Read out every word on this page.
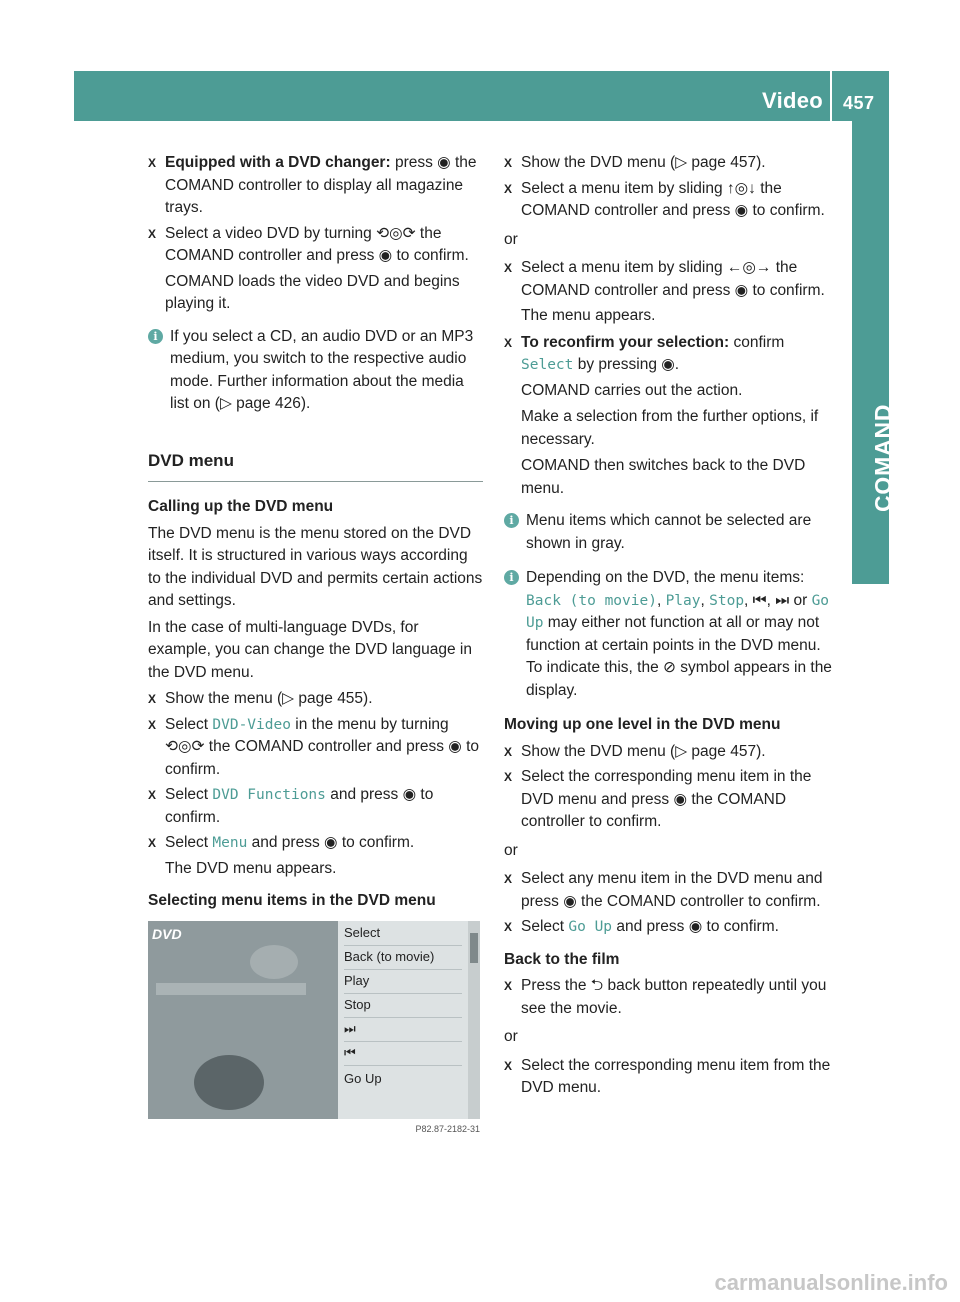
Video 457
COMAND
X Equipped with a DVD changer: press ◉ the COMAND controller to display all magazine trays.
X Select a video DVD by turning ⟲◎⟳ the COMAND controller and press ◉ to confirm.
COMAND loads the video DVD and begins playing it.
i If you select a CD, an audio DVD or an MP3 medium, you switch to the respective audio mode. Further information about the media list on (▷ page 426).
DVD menu
Calling up the DVD menu
The DVD menu is the menu stored on the DVD itself. It is structured in various ways according to the individual DVD and permits certain actions and settings.
In the case of multi-language DVDs, for example, you can change the DVD language in the DVD menu.
X Show the menu (▷ page 455).
X Select DVD-Video in the menu by turning ⟲◎⟳ the COMAND controller and press ◉ to confirm.
X Select DVD Functions and press ◉ to confirm.
X Select Menu and press ◉ to confirm.
The DVD menu appears.
Selecting menu items in the DVD menu
DVD	Select
Back (to movie)
Play
Stop
⏭
⏮
Go Up
P82.87-2182-31
X Show the DVD menu (▷ page 457).
X Select a menu item by sliding ↑◎↓ the COMAND controller and press ◉ to confirm.
or
X Select a menu item by sliding ←◎→ the COMAND controller and press ◉ to confirm.
The menu appears.
X To reconfirm your selection: confirm Select by pressing ◉.
COMAND carries out the action.
Make a selection from the further options, if necessary.
COMAND then switches back to the DVD menu.
i Menu items which cannot be selected are shown in gray.
i Depending on the DVD, the menu items: Back (to movie), Play, Stop, ⏮, ⏭ or Go Up may either not function at all or may not function at certain points in the DVD menu. To indicate this, the ⊘ symbol appears in the display.
Moving up one level in the DVD menu
X Show the DVD menu (▷ page 457).
X Select the corresponding menu item in the DVD menu and press ◉ the COMAND controller to confirm.
or
X Select any menu item in the DVD menu and press ◉ the COMAND controller to confirm.
X Select Go Up and press ◉ to confirm.
Back to the film
X Press the ⮌ back button repeatedly until you see the movie.
or
X Select the corresponding menu item from the DVD menu.
carmanualsonline.info
